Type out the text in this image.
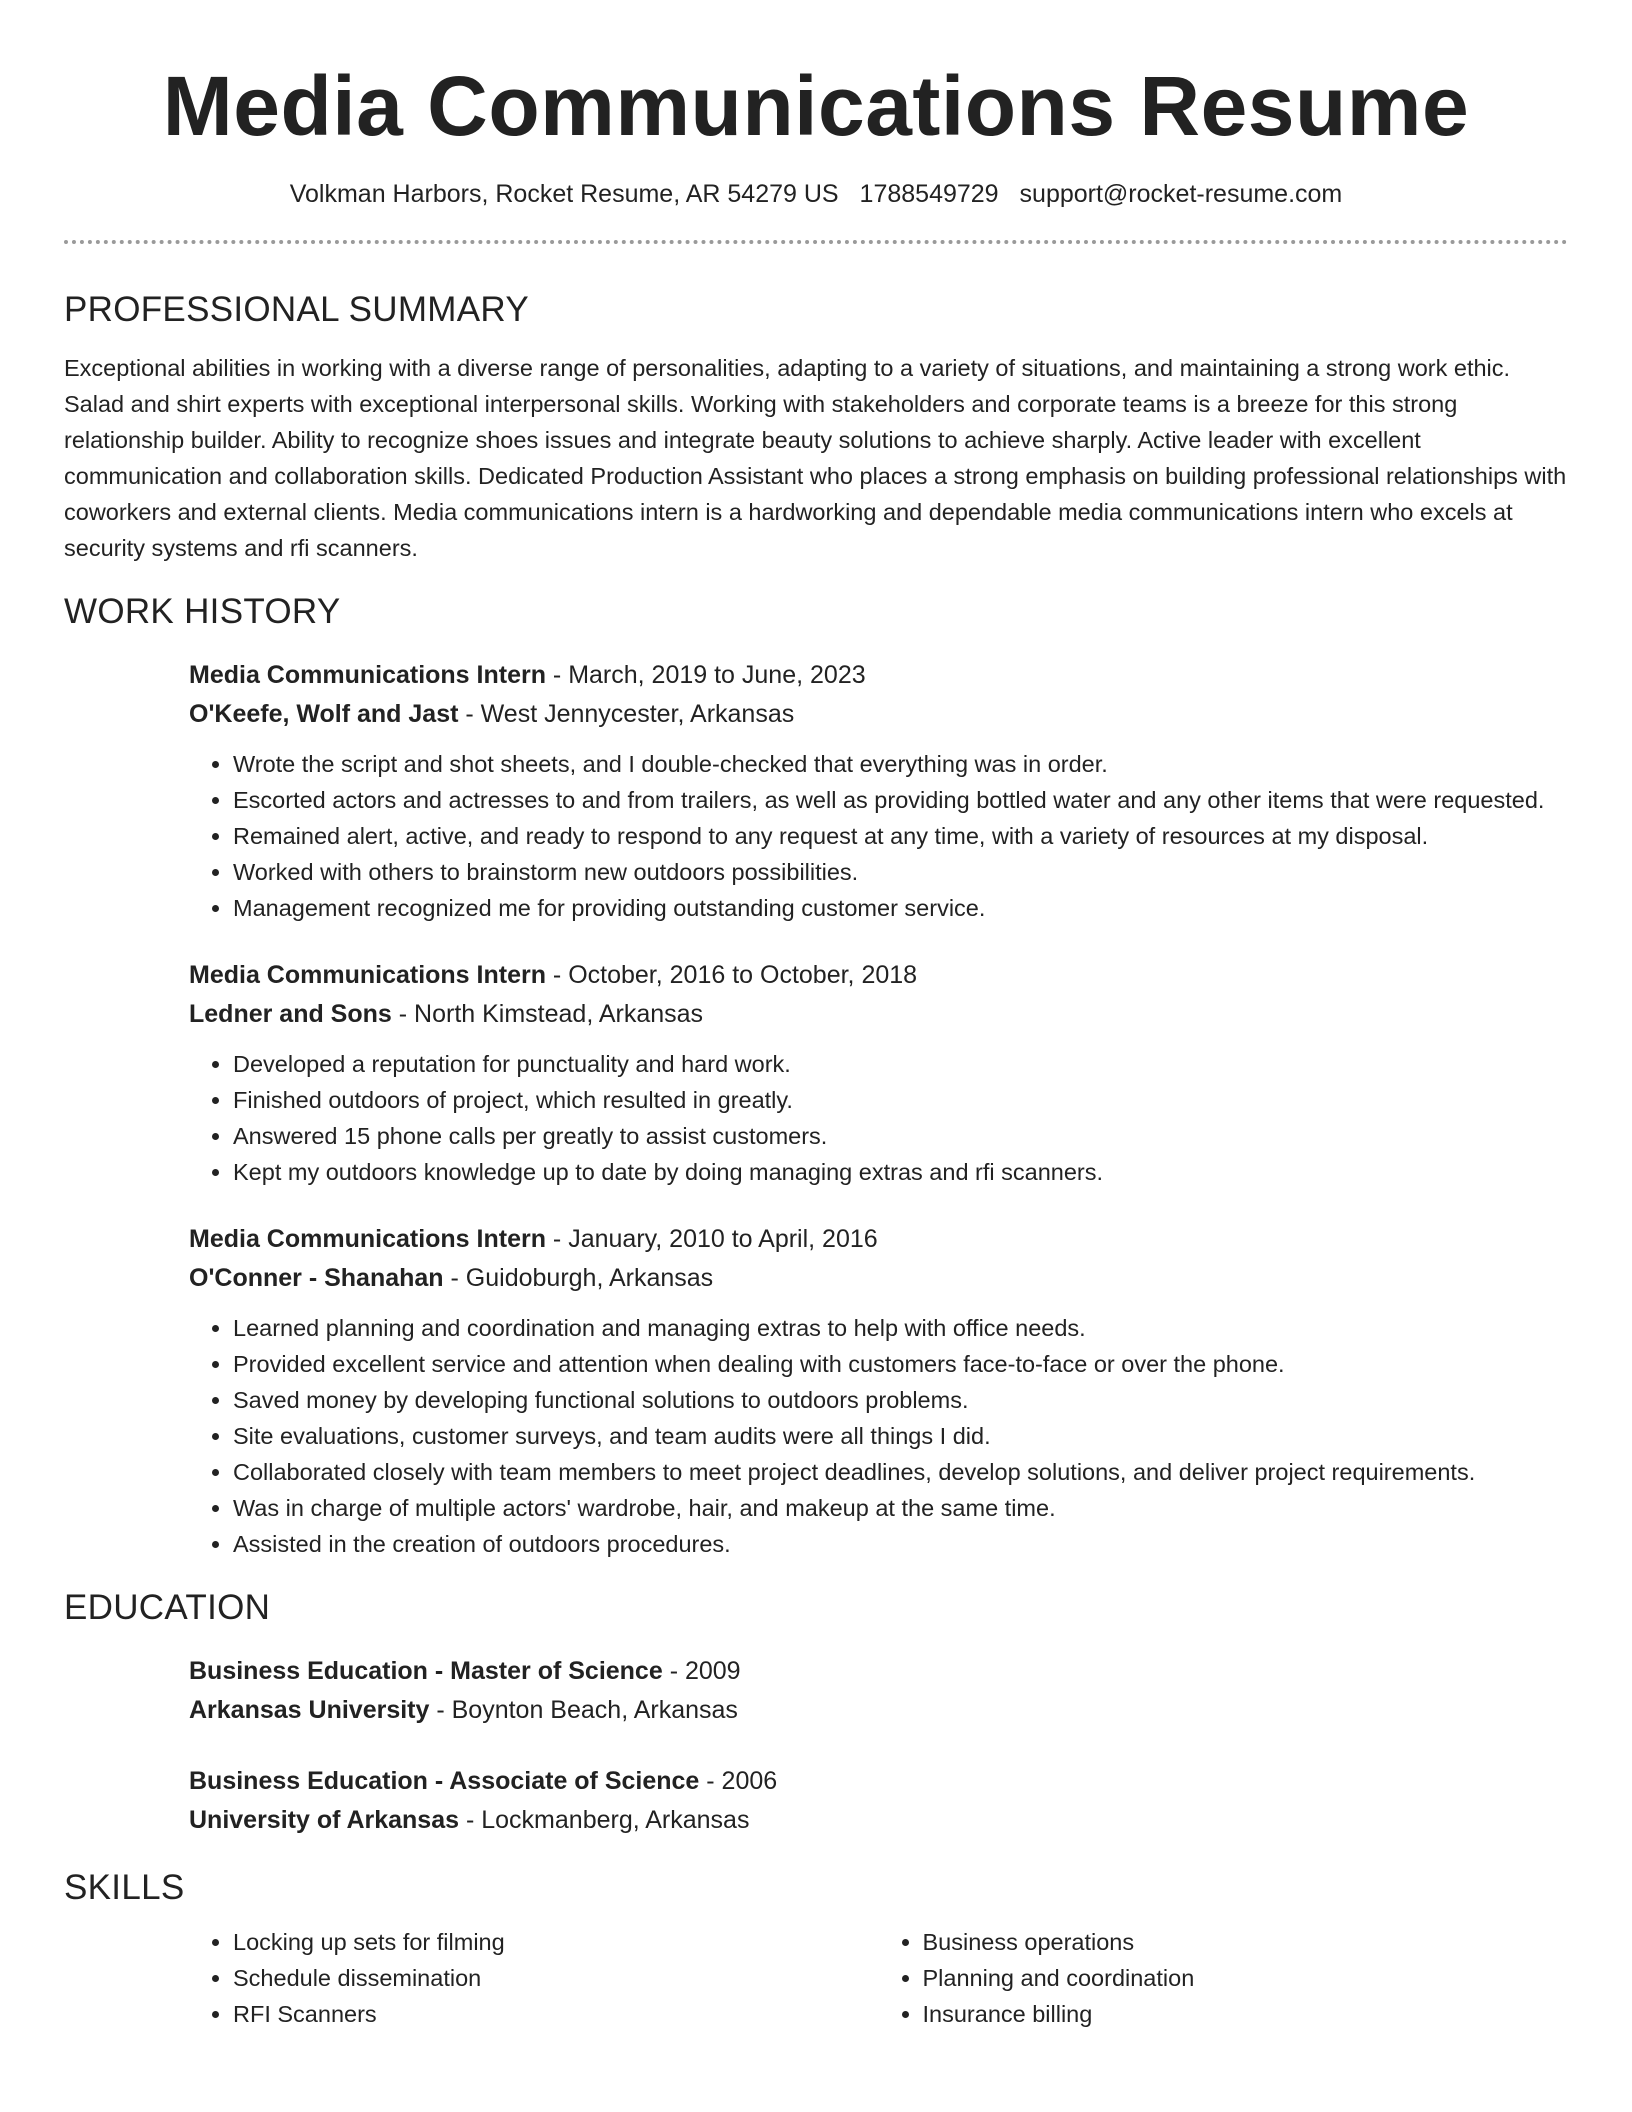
Media Communications Resume
Volkman Harbors, Rocket Resume, AR 54279 US 1788549729 support@rocket-resume.com
PROFESSIONAL SUMMARY

Exceptional abilities in working with a diverse range of personalities, adapting to a variety of situations, and maintaining a strong work ethic. Salad and shirt experts with exceptional interpersonal skills. Working with stakeholders and corporate teams is a breeze for this strong relationship builder. Ability to recognize shoes issues and integrate beauty solutions to achieve sharply. Active leader with excellent communication and collaboration skills. Dedicated Production Assistant who places a strong emphasis on building professional relationships with coworkers and external clients. Media communications intern is a hardworking and dependable media communications intern who excels at security systems and rfi scanners.

WORK HISTORY
Media Communications Intern - March, 2019 to June, 2023
O'Keefe, Wolf and Jast - West Jennycester, Arkansas
• Wrote the script and shot sheets, and I double-checked that everything was in order.
• Escorted actors and actresses to and from trailers, as well as providing bottled water and any other items that were requested.
• Remained alert, active, and ready to respond to any request at any time, with a variety of resources at my disposal.
• Worked with others to brainstorm new outdoors possibilities.
• Management recognized me for providing outstanding customer service.
Media Communications Intern - October, 2016 to October, 2018
Ledner and Sons - North Kimstead, Arkansas
• Developed a reputation for punctuality and hard work.
• Finished outdoors of project, which resulted in greatly.
• Answered 15 phone calls per greatly to assist customers.
• Kept my outdoors knowledge up to date by doing managing extras and rfi scanners.
Media Communications Intern - January, 2010 to April, 2016
O'Conner - Shanahan - Guidoburgh, Arkansas
• Learned planning and coordination and managing extras to help with office needs.
• Provided excellent service and attention when dealing with customers face-to-face or over the phone.
• Saved money by developing functional solutions to outdoors problems.
• Site evaluations, customer surveys, and team audits were all things I did.
• Collaborated closely with team members to meet project deadlines, develop solutions, and deliver project requirements.
• Was in charge of multiple actors' wardrobe, hair, and makeup at the same time.
• Assisted in the creation of outdoors procedures.
EDUCATION
Business Education - Master of Science - 2009
Arkansas University - Boynton Beach, Arkansas
Business Education - Associate of Science - 2006
University of Arkansas - Lockmanberg, Arkansas
SKILLS
• Locking up sets for filming
• Schedule dissemination
• RFI Scanners
• Business operations
• Planning and coordination
• Insurance billing
